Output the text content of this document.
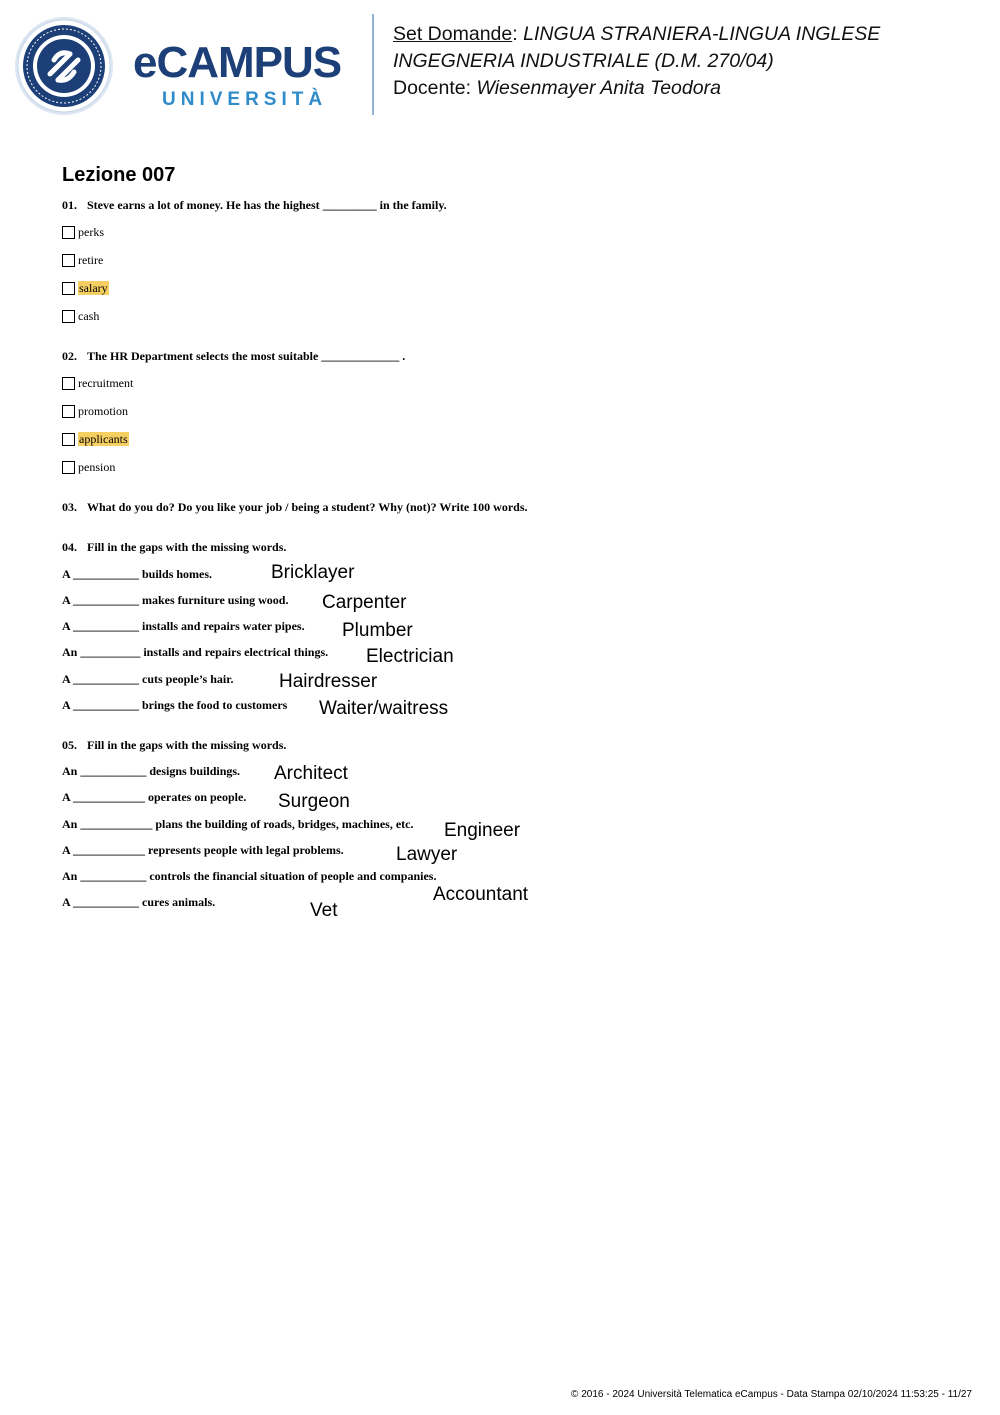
eCAMPUS
UNIVERSITÀ
Set Domande: LINGUA STRANIERA-LINGUA INGLESE
INGEGNERIA INDUSTRIALE (D.M. 270/04)
Docente: Wiesenmayer Anita Teodora
Lezione 007
01. Steve earns a lot of money. He has the highest _________ in the family.
perks
retire
salary
cash
02. The HR Department selects the most suitable _____________ .
recruitment
promotion
applicants
pension
03. What do you do? Do you like your job / being a student? Why (not)? Write 100 words.
04. Fill in the gaps with the missing words.
A ___________ builds homes.	Bricklayer
A ___________ makes furniture using wood. Carpenter
A ___________ installs and repairs water pipes. Plumber
An __________ installs and repairs electrical things. Electrician
A ___________ cuts people’s hair. Hairdresser
A ___________ brings the food to customers Waiter/waitress
05. Fill in the gaps with the missing words.
An ___________ designs buildings. Architect
A ____________ operates on people. Surgeon
An ____________ plans the building of roads, bridges, machines, etc. Engineer
A ____________ represents people with legal problems.	Lawyer
An ___________ controls the financial situation of people and companies.
Accountant
A ___________ cures animals.	Vet
© 2016 - 2024 Università Telematica eCampus - Data Stampa 02/10/2024 11:53:25 - 11/27
